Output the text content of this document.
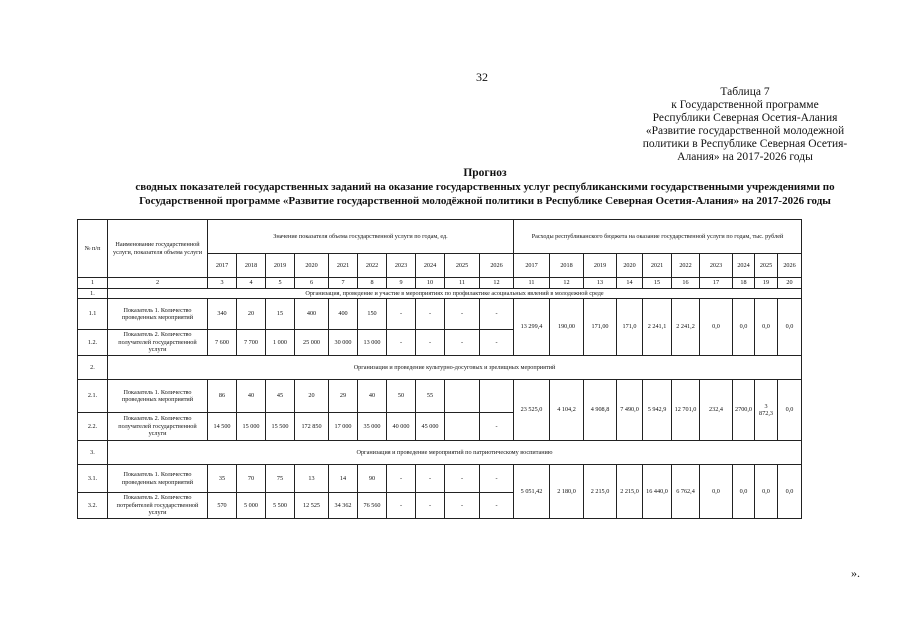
32
Таблица 7
к Государственной программе
Республики Северная Осетия-Алания
«Развитие государственной молодежной
политики в Республике Северная Осетия-
Алания» на 2017-2026 годы
Прогноз
сводных показателей государственных заданий на оказание государственных услуг республиканскими государственными учреждениями по
Государственной программе «Развитие государственной молодёжной политики в Республике Северная Осетия-Алания» на 2017-2026 годы
№ п/п	Наименование государственной услуги, показателя объема услуги	Значение показателя объема государственной услуги по годам, ед.										Расходы республиканского бюджета на оказание государственной услуги по годам, тыс. рублей									
		2017	2018	2019	2020	2021	2022	2023	2024	2025	2026	2017	2018	2019	2020	2021	2022	2023	2024	2025	2026
1	2	3	4	5	6	7	8	9	10	11	12	11	12	13	14	15	16	17	18	19	20
1.	Организация, проведение и участие в мероприятиях по профилактике асоциальных явлений в молодежной среде																				
1.1	Показатель 1. Количество проведенных мероприятий	340	20	15	400	400	150	-	-	-	-	13 299,4	190,00	171,00	171,0	2 241,1	2 241,2	0,0	0,0	0,0	0,0
1.2.	Показатель 2. Количество получателей государственной услуги	7 600	7 700	1 000	25 000	30 000	13 000	-	-	-	-										
2.	Организация и проведение культурно-досуговых и зрелищных мероприятий																				
2.1.	Показатель 1. Количество проведенных мероприятий	86	40	45	20	29	40	50	55			23 525,0	4 104,2	4 908,8	7 490,0	5 942,9	12 701,0	232,4	2700,0	3 872,3	0,0
2.2.	Показатель 2. Количество получателей государственной услуги	14 500	15 000	15 500	172 850	17 000	35 000	40 000	45 000		-										
3.	Организация и проведение мероприятий по патриотическому воспитанию																				
3.1.	Показатель 1. Количество проведенных мероприятий	35	70	75	13	14	90	-	-	-	-	5 051,42	2 180,0	2 215,0	2 215,0	16 440,0	6 762,4	0,0	0,0	0,0	0,0
3.2.	Показатель 2. Количество потребителей государственной услуги	570	5 000	5 500	12 525	34 362	76 560	-	-	-	-										
».
